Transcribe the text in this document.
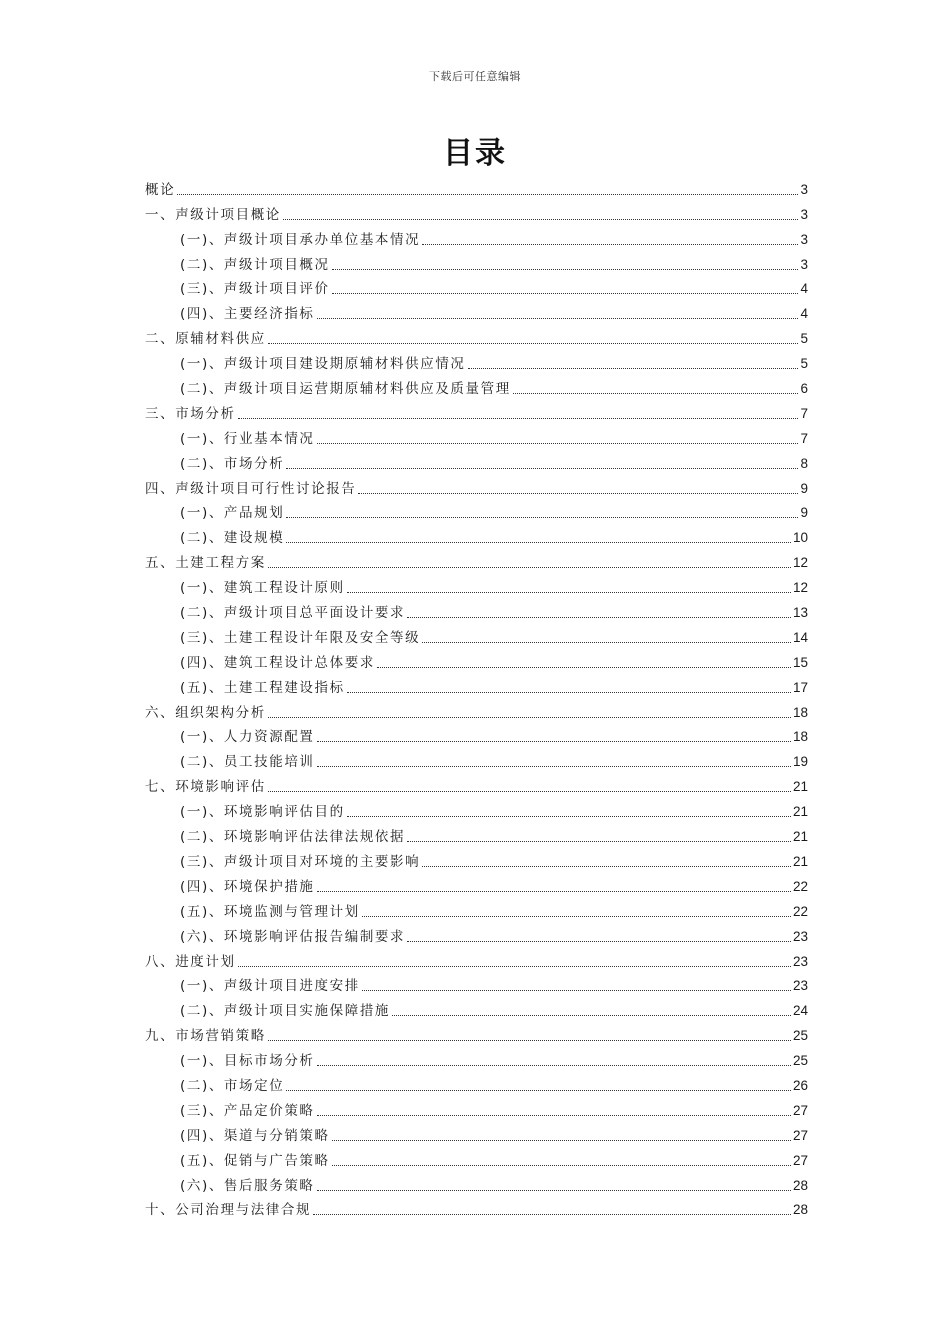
下载后可任意编辑
目录
概论	3
一、声级计项目概论	3
(一)、声级计项目承办单位基本情况	3
(二)、声级计项目概况	3
(三)、声级计项目评价	4
(四)、主要经济指标	4
二、原辅材料供应	5
(一)、声级计项目建设期原辅材料供应情况	5
(二)、声级计项目运营期原辅材料供应及质量管理	6
三、市场分析	7
(一)、行业基本情况	7
(二)、市场分析	8
四、声级计项目可行性讨论报告	9
(一)、产品规划	9
(二)、建设规模	10
五、土建工程方案	12
(一)、建筑工程设计原则	12
(二)、声级计项目总平面设计要求	13
(三)、土建工程设计年限及安全等级	14
(四)、建筑工程设计总体要求	15
(五)、土建工程建设指标	17
六、组织架构分析	18
(一)、人力资源配置	18
(二)、员工技能培训	19
七、环境影响评估	21
(一)、环境影响评估目的	21
(二)、环境影响评估法律法规依据	21
(三)、声级计项目对环境的主要影响	21
(四)、环境保护措施	22
(五)、环境监测与管理计划	22
(六)、环境影响评估报告编制要求	23
八、进度计划	23
(一)、声级计项目进度安排	23
(二)、声级计项目实施保障措施	24
九、市场营销策略	25
(一)、目标市场分析	25
(二)、市场定位	26
(三)、产品定价策略	27
(四)、渠道与分销策略	27
(五)、促销与广告策略	27
(六)、售后服务策略	28
十、公司治理与法律合规	28
